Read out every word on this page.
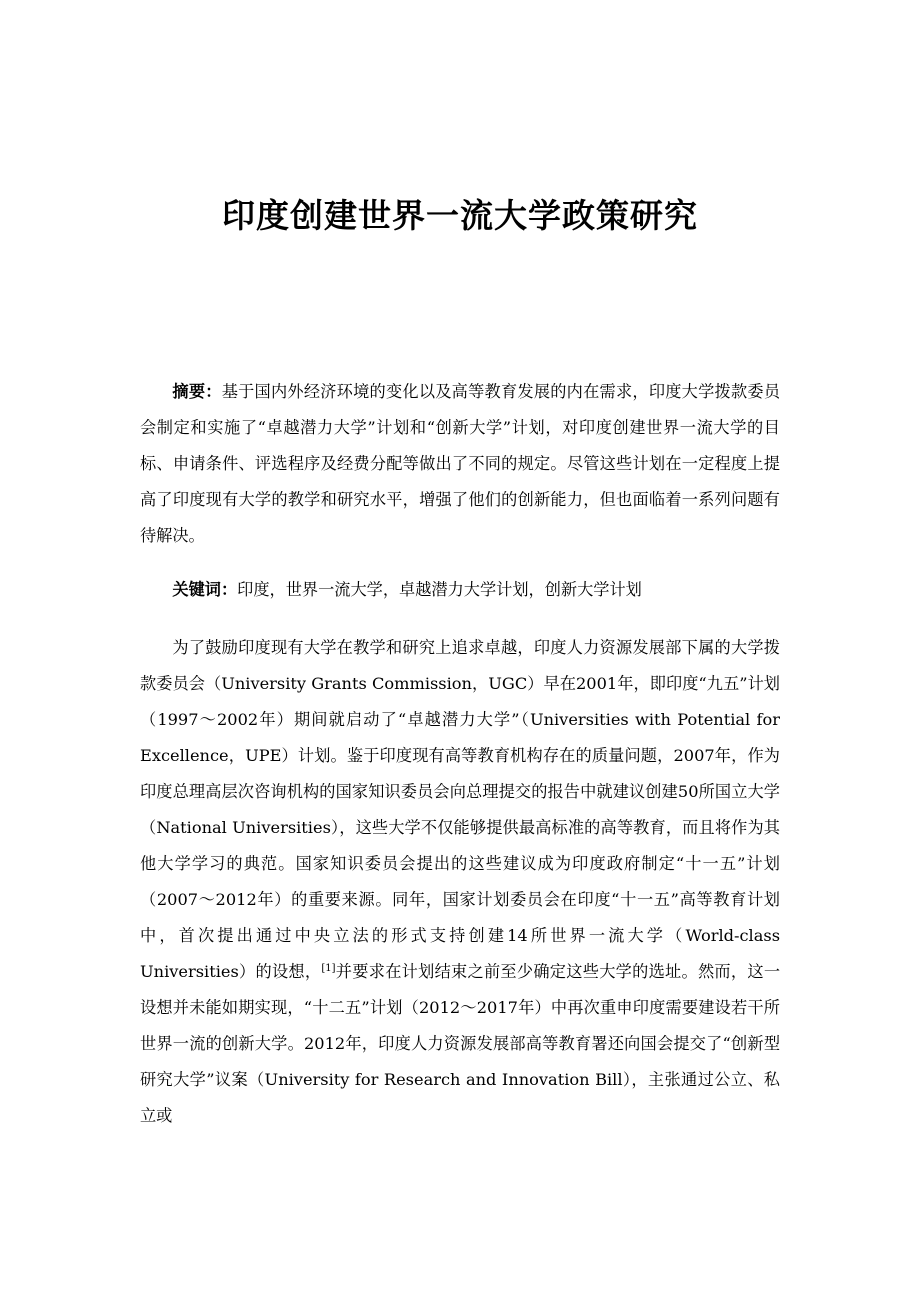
印度创建世界一流大学政策研究

摘要：基于国内外经济环境的变化以及高等教育发展的内在需求，印度大学拨款委员会制定和实施了“卓越潜力大学”计划和“创新大学”计划，对印度创建世界一流大学的目标、申请条件、评选程序及经费分配等做出了不同的规定。尽管这些计划在一定程度上提高了印度现有大学的教学和研究水平，增强了他们的创新能力，但也面临着一系列问题有待解决。

关键词：印度，世界一流大学，卓越潜力大学计划，创新大学计划

为了鼓励印度现有大学在教学和研究上追求卓越，印度人力资源发展部下属的大学拨款委员会（University Grants Commission，UGC）早在2001年，即印度“九五”计划（1997～2002年）期间就启动了“卓越潜力大学”（Universities with Potential for Excellence，UPE）计划。鉴于印度现有高等教育机构存在的质量问题，2007年，作为印度总理高层次咨询机构的国家知识委员会向总理提交的报告中就建议创建50所国立大学（National Universities），这些大学不仅能够提供最高标准的高等教育，而且将作为其他大学学习的典范。国家知识委员会提出的这些建议成为印度政府制定“十一五”计划（2007～2012年）的重要来源。同年，国家计划委员会在印度“十一五”高等教育计划中，首次提出通过中央立法的形式支持创建14所世界一流大学（World-class Universities）的设想，[1]并要求在计划结束之前至少确定这些大学的选址。然而，这一设想并未能如期实现，“十二五”计划（2012～2017年）中再次重申印度需要建设若干所世界一流的创新大学。2012年，印度人力资源发展部高等教育署还向国会提交了“创新型研究大学”议案（University for Research and Innovation Bill），主张通过公立、私立或
